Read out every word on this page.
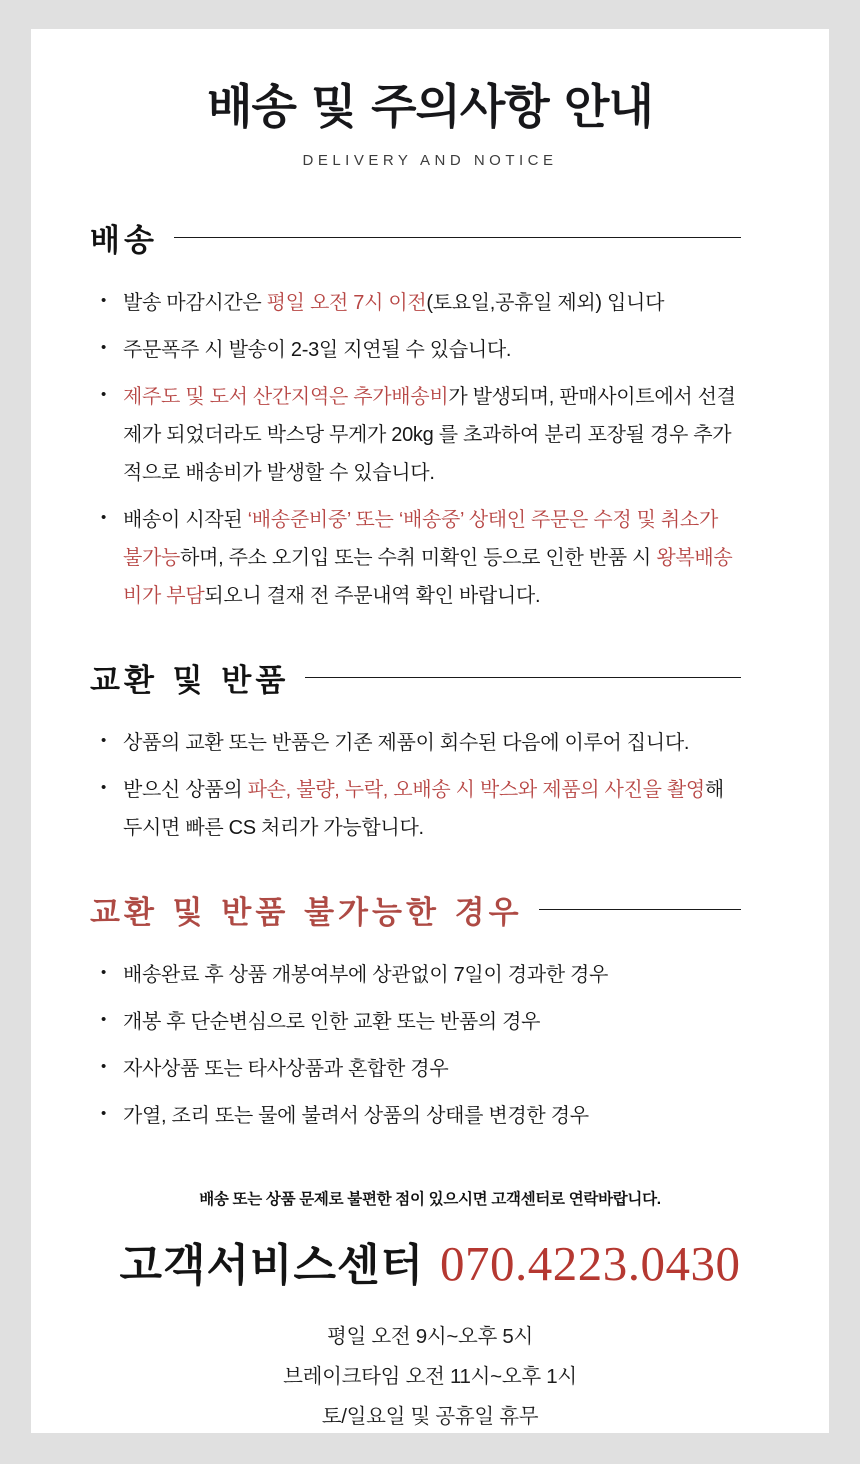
배송 및 주의사항 안내
DELIVERY AND NOTICE
배송
• 발송 마감시간은 평일 오전 7시 이전(토요일,공휴일 제외) 입니다
• 주문폭주 시 발송이 2-3일 지연될 수 있습니다.
• 제주도 및 도서 산간지역은 추가배송비가 발생되며, 판매사이트에서 선결제가 되었더라도 박스당 무게가 20kg 를 초과하여 분리 포장될 경우 추가적으로 배송비가 발생할 수 있습니다.
• 배송이 시작된 ‘배송준비중’ 또는 ‘배송중’ 상태인 주문은 수정 및 취소가 불가능하며, 주소 오기입 또는 수취 미확인 등으로 인한 반품 시 왕복배송비가 부담되오니 결재 전 주문내역 확인 바랍니다.
교환 및 반품
• 상품의 교환 또는 반품은 기존 제품이 회수된 다음에 이루어 집니다.
• 받으신 상품의 파손, 불량, 누락, 오배송 시 박스와 제품의 사진을 촬영해 두시면 빠른 CS 처리가 가능합니다.
교환 및 반품 불가능한 경우
• 배송완료 후 상품 개봉여부에 상관없이 7일이 경과한 경우
• 개봉 후 단순변심으로 인한 교환 또는 반품의 경우
• 자사상품 또는 타사상품과 혼합한 경우
• 가열, 조리 또는 물에 불려서 상품의 상태를 변경한 경우
배송 또는 상품 문제로 불편한 점이 있으시면 고객센터로 연락바랍니다.
고객서비스센터 070.4223.0430
평일 오전 9시~오후 5시
브레이크타임 오전 11시~오후 1시
토/일요일 및 공휴일 휴무
